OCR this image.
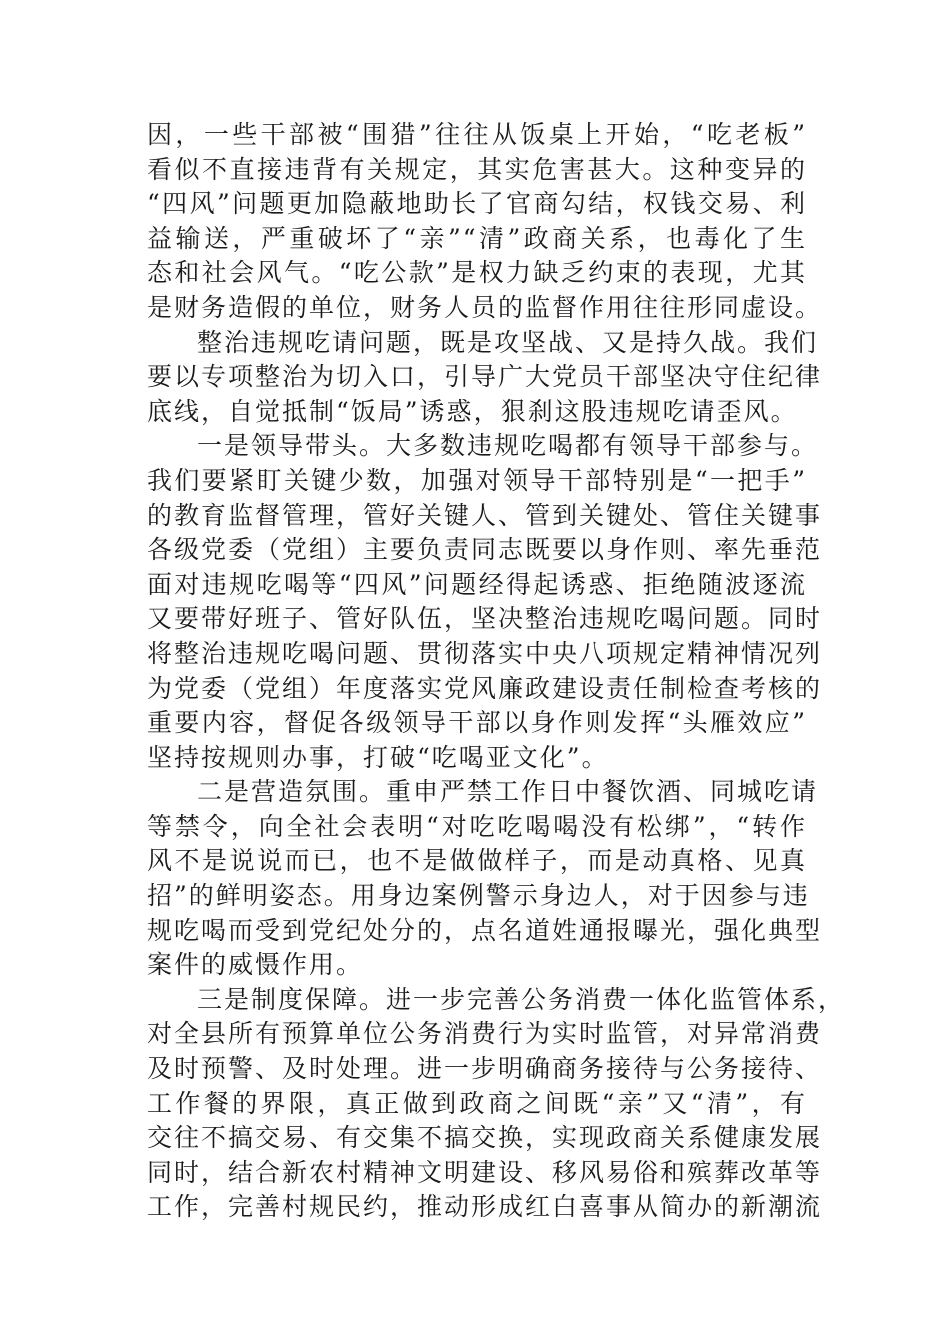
因，一些干部被“围猎”往往从饭桌上开始，“吃老板”
看似不直接违背有关规定，其实危害甚大。这种变异的
“四风”问题更加隐蔽地助长了官商勾结，权钱交易、利
益输送，严重破坏了“亲”“清”政商关系，也毒化了生
态和社会风气。“吃公款”是权力缺乏约束的表现，尤其
是财务造假的单位，财务人员的监督作用往往形同虚设。
整治违规吃请问题，既是攻坚战、又是持久战。我们
要以专项整治为切入口，引导广大党员干部坚决守住纪律
底线，自觉抵制“饭局”诱惑，狠刹这股违规吃请歪风。
一是领导带头。大多数违规吃喝都有领导干部参与。
我们要紧盯关键少数，加强对领导干部特别是“一把手”
的教育监督管理，管好关键人、管到关键处、管住关键事
各级党委（党组）主要负责同志既要以身作则、率先垂范
面对违规吃喝等“四风”问题经得起诱惑、拒绝随波逐流
又要带好班子、管好队伍，坚决整治违规吃喝问题。同时
将整治违规吃喝问题、贯彻落实中央八项规定精神情况列
为党委（党组）年度落实党风廉政建设责任制检查考核的
重要内容，督促各级领导干部以身作则发挥“头雁效应”
坚持按规则办事，打破“吃喝亚文化”。
二是营造氛围。重申严禁工作日中餐饮酒、同城吃请
等禁令，向全社会表明“对吃吃喝喝没有松绑”，“转作
风不是说说而已，也不是做做样子，而是动真格、见真
招”的鲜明姿态。用身边案例警示身边人，对于因参与违
规吃喝而受到党纪处分的，点名道姓通报曝光，强化典型
案件的威慑作用。
三是制度保障。进一步完善公务消费一体化监管体系，
对全县所有预算单位公务消费行为实时监管，对异常消费
及时预警、及时处理。进一步明确商务接待与公务接待、
工作餐的界限，真正做到政商之间既“亲”又“清”，有
交往不搞交易、有交集不搞交换，实现政商关系健康发展
同时，结合新农村精神文明建设、移风易俗和殡葬改革等
工作，完善村规民约，推动形成红白喜事从简办的新潮流
